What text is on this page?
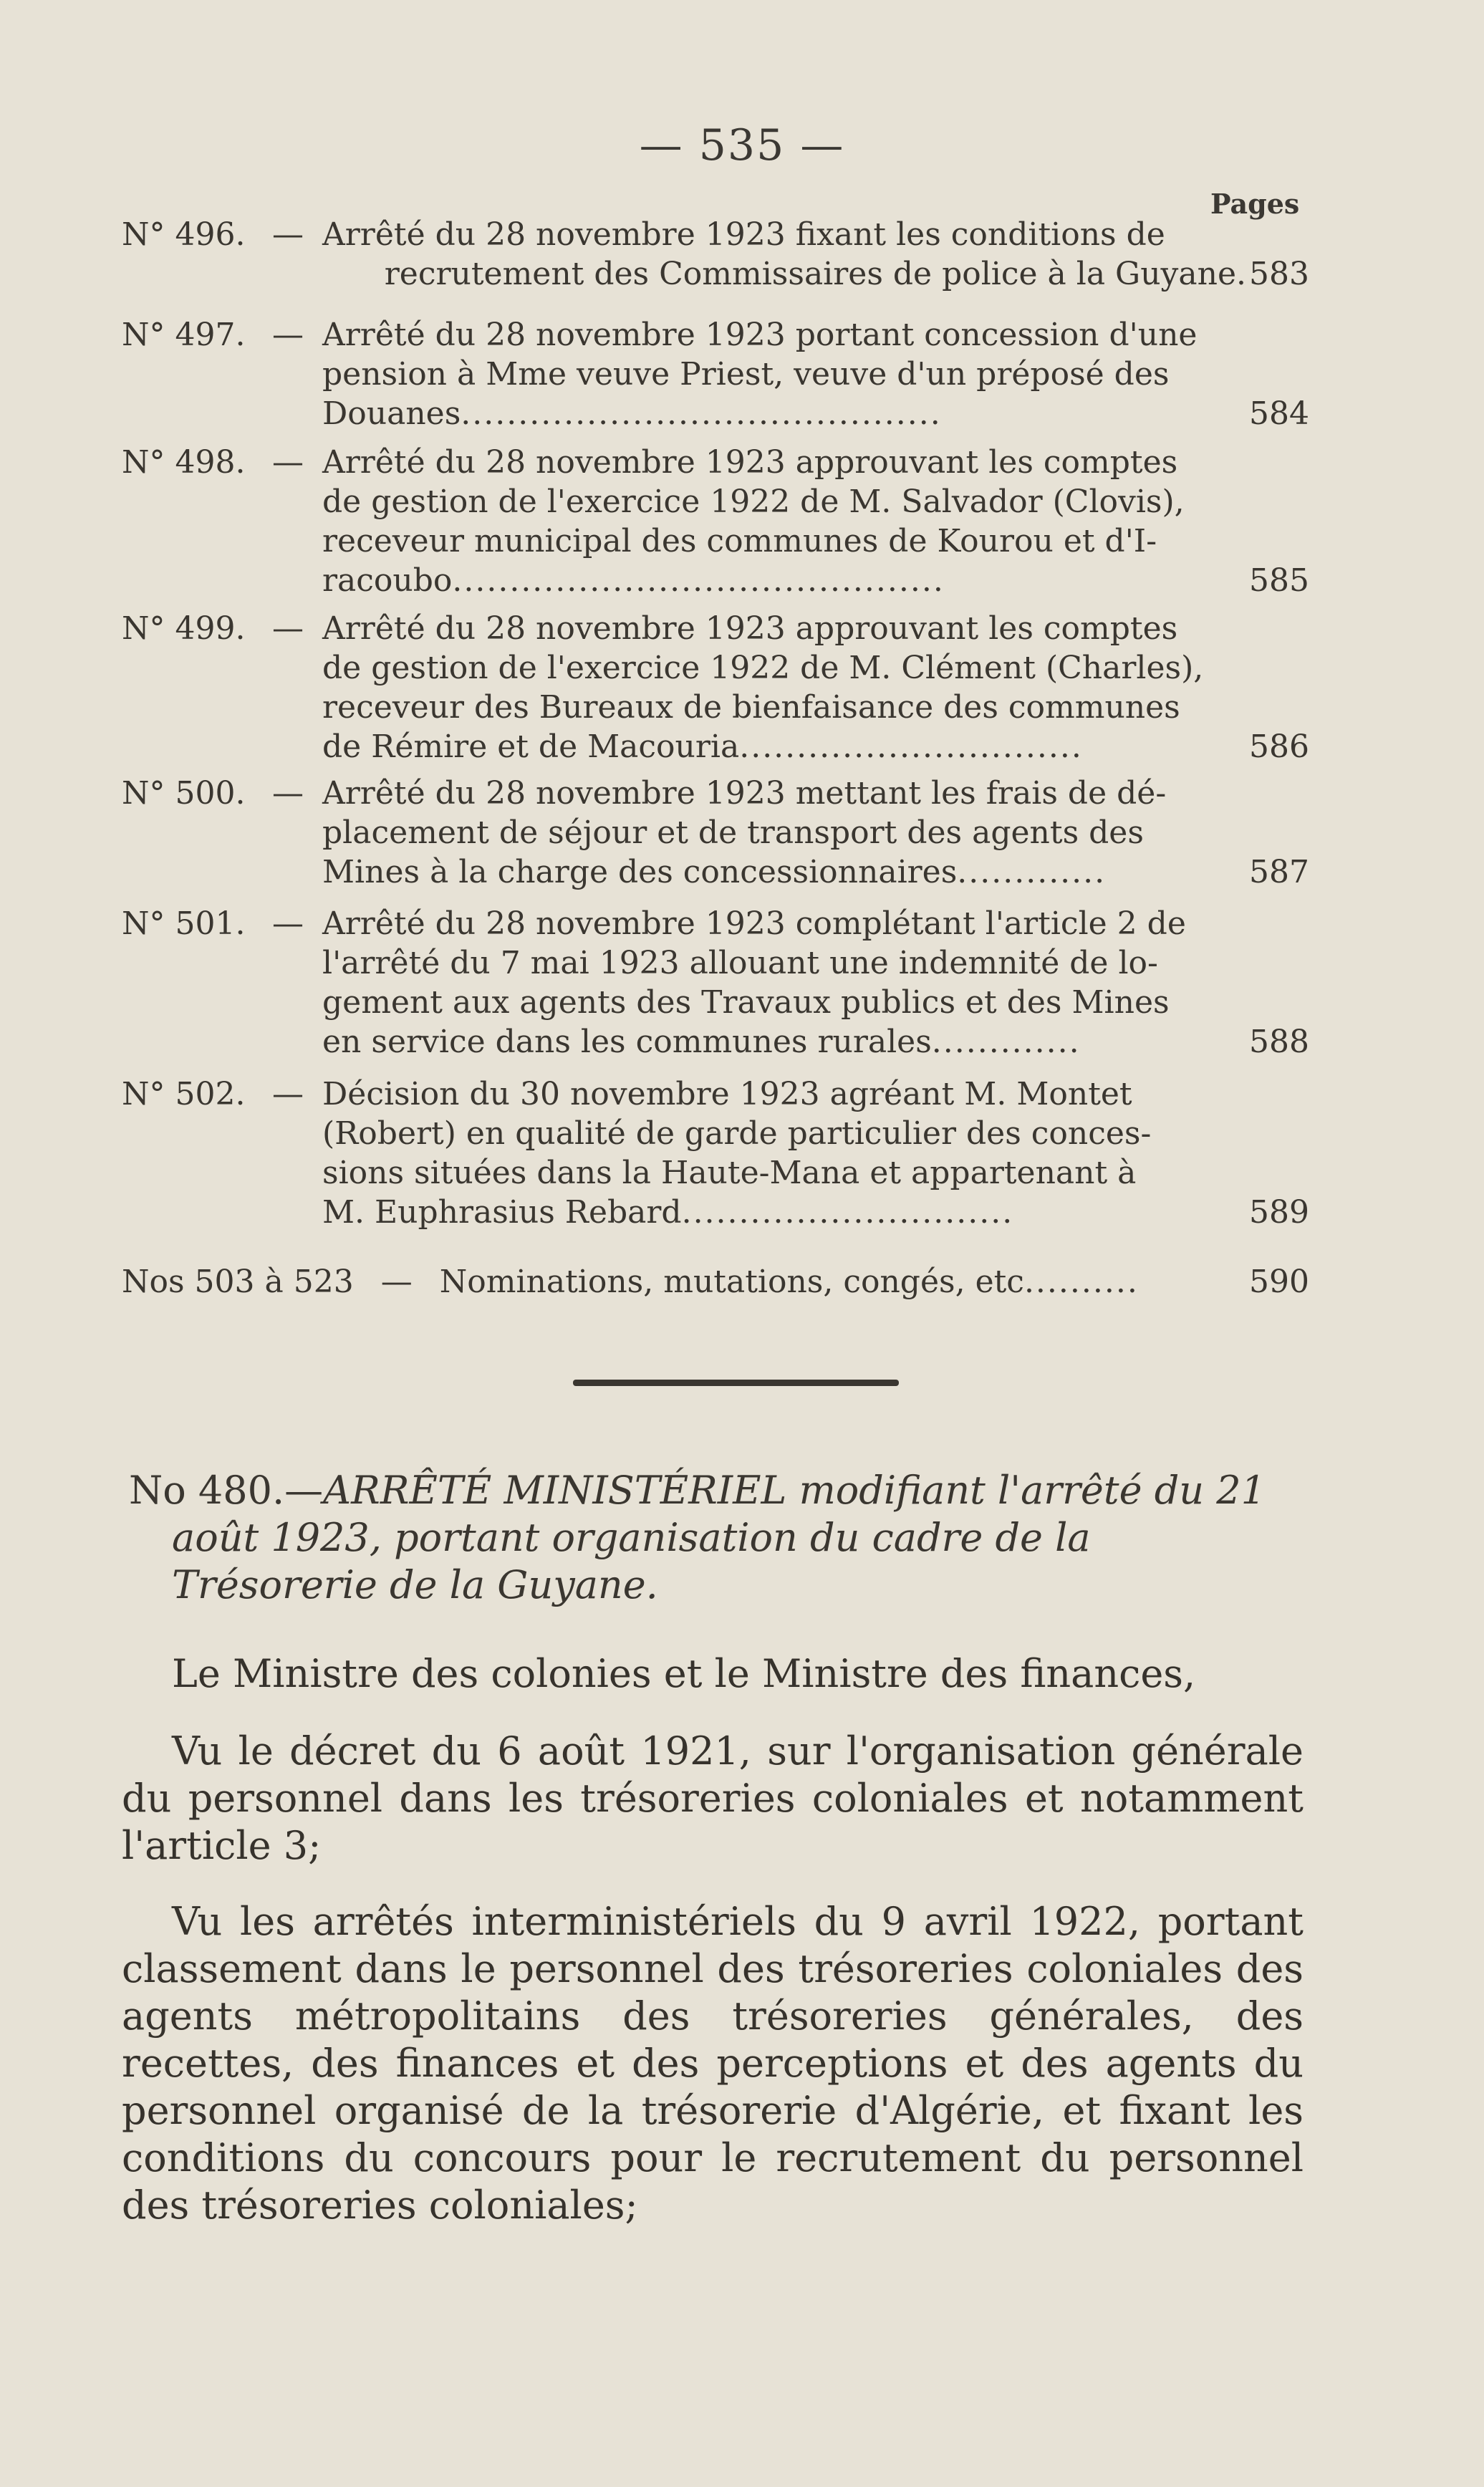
— 535 —
Pages
N° 496. — Arrêté du 28 novembre 1923 fixant les conditions de
recrutement des Commissaires de police à la Guyane. 583
N° 497. — Arrêté du 28 novembre 1923 portant concession d'une
pension à Mme veuve Priest, veuve d'un préposé des
Douanes..........................................	584
N° 498. — Arrêté du 28 novembre 1923 approuvant les comptes
de gestion de l'exercice 1922 de M. Salvador (Clovis),
receveur municipal des communes de Kourou et d'I-
racoubo...........................................	585
N° 499. — Arrêté du 28 novembre 1923 approuvant les comptes
de gestion de l'exercice 1922 de M. Clément (Charles),
receveur des Bureaux de bienfaisance des communes
de Rémire et de Macouria..............................	586
N° 500. — Arrêté du 28 novembre 1923 mettant les frais de dé-
placement de séjour et de transport des agents des
Mines à la charge des concessionnaires.............	587
N° 501. — Arrêté du 28 novembre 1923 complétant l'article 2 de
l'arrêté du 7 mai 1923 allouant une indemnité de lo-
gement aux agents des Travaux publics et des Mines
en service dans les communes rurales.............	588
N° 502. — Décision du 30 novembre 1923 agréant M. Montet
(Robert) en qualité de garde particulier des conces-
sions situées dans la Haute-Mana et appartenant à
M. Euphrasius Rebard.............................	589
Nos 503 à 523 — Nominations, mutations, congés, etc..........	590
No 480.—ARRÊTÉ MINISTÉRIEL modifiant l'arrêté du 21
août 1923, portant organisation du cadre de la Trésorerie de la Guyane.
Le Ministre des colonies et le Ministre des finances,
Vu le décret du 6 août 1921, sur l'organisation générale du personnel dans les trésoreries coloniales et notamment l'article 3;
Vu les arrêtés interministériels du 9 avril 1922, portant classement dans le personnel des trésoreries coloniales des agents métropolitains des trésoreries générales, des recettes, des finances et des perceptions et des agents du personnel organisé de la trésorerie d'Algérie, et fixant les conditions du concours pour le recrutement du personnel des trésoreries coloniales;
